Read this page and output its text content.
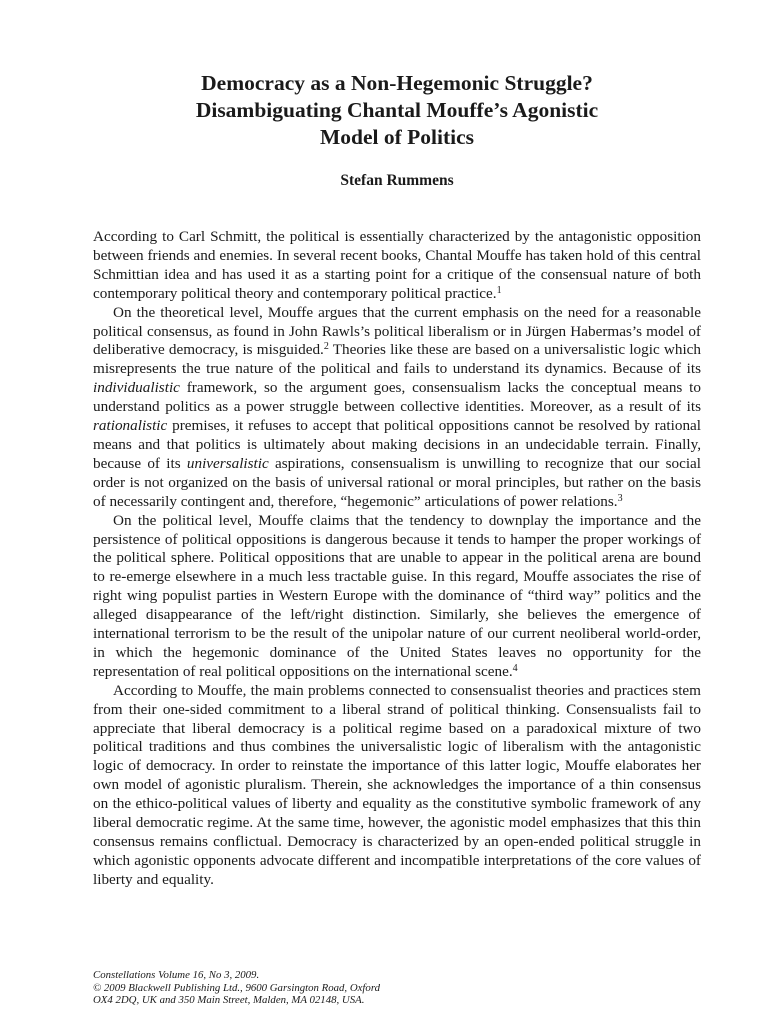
Democracy as a Non-Hegemonic Struggle?
Disambiguating Chantal Mouffe’s Agonistic
Model of Politics
Stefan Rummens

According to Carl Schmitt, the political is essentially characterized by the antagonistic opposition between friends and enemies. In several recent books, Chantal Mouffe has taken hold of this central Schmittian idea and has used it as a starting point for a critique of the consensual nature of both contemporary political theory and contemporary political practice.$^1$

On the theoretical level, Mouffe argues that the current emphasis on the need for a reasonable political consensus, as found in John Rawls’s political liberalism or in Jürgen Habermas’s model of deliberative democracy, is misguided.$^2$ Theories like these are based on a universalistic logic which misrepresents the true nature of the political and fails to understand its dynamics. Because of its individualistic framework, so the argument goes, consensualism lacks the conceptual means to understand politics as a power struggle between collective identities. Moreover, as a result of its rationalistic premises, it refuses to accept that political oppositions cannot be resolved by rational means and that politics is ultimately about making decisions in an undecidable terrain. Finally, because of its universalistic aspirations, consensualism is unwilling to recognize that our social order is not organized on the basis of universal rational or moral principles, but rather on the basis of necessarily contingent and, therefore, “hegemonic” articulations of power relations.$^3$

On the political level, Mouffe claims that the tendency to downplay the importance and the persistence of political oppositions is dangerous because it tends to hamper the proper workings of the political sphere. Political oppositions that are unable to appear in the political arena are bound to re-emerge elsewhere in a much less tractable guise. In this regard, Mouffe associates the rise of right wing populist parties in Western Europe with the dominance of “third way” politics and the alleged disappearance of the left/right distinction. Similarly, she believes the emergence of international terrorism to be the result of the unipolar nature of our current neoliberal world-order, in which the hegemonic dominance of the United States leaves no opportunity for the representation of real political oppositions on the international scene.$^4$

According to Mouffe, the main problems connected to consensualist theories and practices stem from their one-sided commitment to a liberal strand of political thinking. Consensualists fail to appreciate that liberal democracy is a political regime based on a paradoxical mixture of two political traditions and thus combines the universalistic logic of liberalism with the antagonistic logic of democracy. In order to reinstate the importance of this latter logic, Mouffe elaborates her own model of agonistic pluralism. Therein, she acknowledges the importance of a thin consensus on the ethico-political values of liberty and equality as the constitutive symbolic framework of any liberal democratic regime. At the same time, however, the agonistic model emphasizes that this thin consensus remains conflictual. Democracy is characterized by an open-ended political struggle in which agonistic opponents advocate different and incompatible interpretations of the core values of liberty and equality.

Constellations Volume 16, No 3, 2009.
© 2009 Blackwell Publishing Ltd., 9600 Garsington Road, Oxford
OX4 2DQ, UK and 350 Main Street, Malden, MA 02148, USA.
